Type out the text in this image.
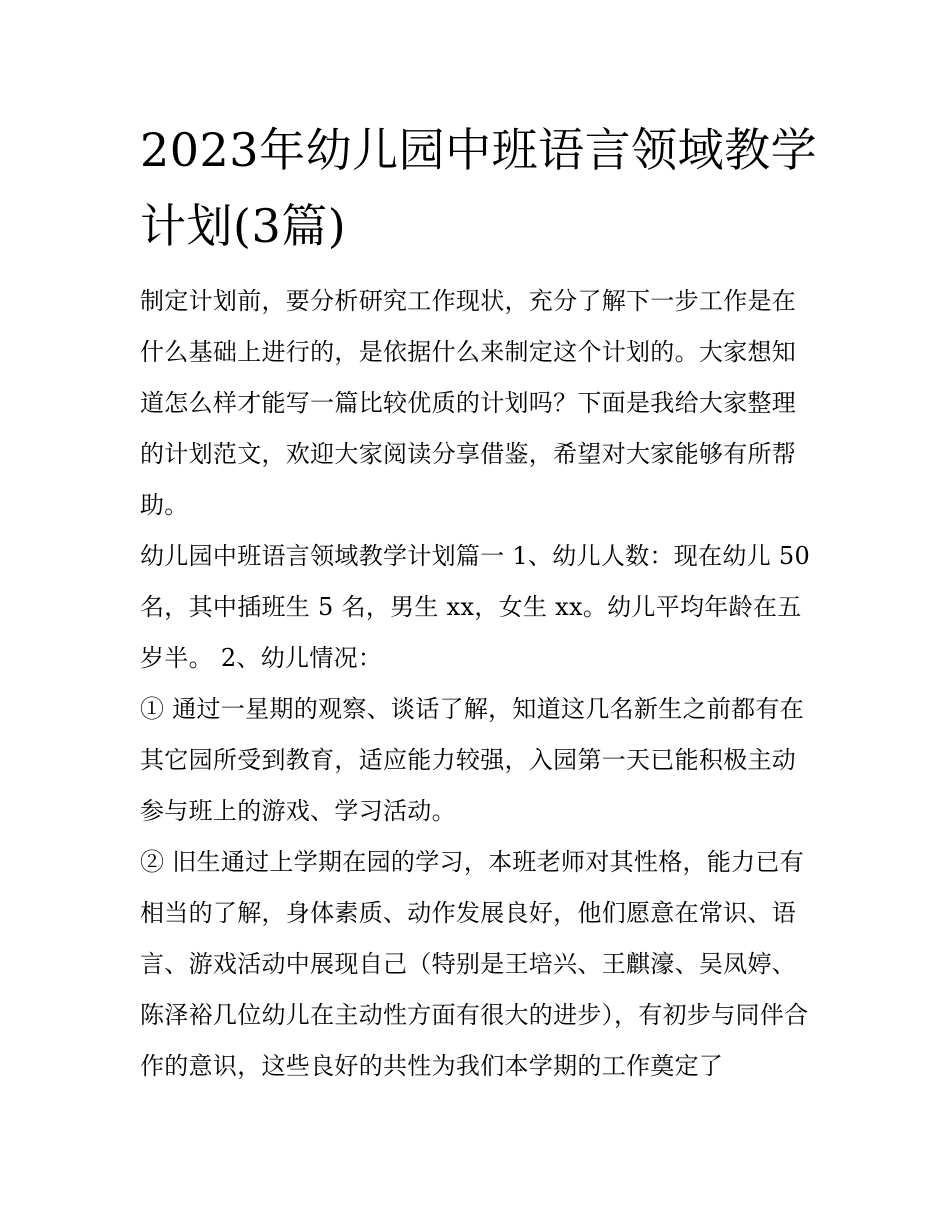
2023年幼儿园中班语言领域教学计划(3篇)

制定计划前，要分析研究工作现状，充分了解下一步工作是在什么基础上进行的，是依据什么来制定这个计划的。大家想知道怎么样才能写一篇比较优质的计划吗？下面是我给大家整理的计划范文，欢迎大家阅读分享借鉴，希望对大家能够有所帮助。

幼儿园中班语言领域教学计划篇一 1、幼儿人数：现在幼儿 50 名，其中插班生 5 名，男生 xx，女生 xx。幼儿平均年龄在五岁半。 2、幼儿情况：

① 通过一星期的观察、谈话了解，知道这几名新生之前都有在其它园所受到教育，适应能力较强，入园第一天已能积极主动参与班上的游戏、学习活动。

② 旧生通过上学期在园的学习，本班老师对其性格，能力已有相当的了解，身体素质、动作发展良好，他们愿意在常识、语言、游戏活动中展现自己（特别是王培兴、王麒濠、吴凤婷、陈泽裕几位幼儿在主动性方面有很大的进步），有初步与同伴合作的意识，这些良好的共性为我们本学期的工作奠定了
